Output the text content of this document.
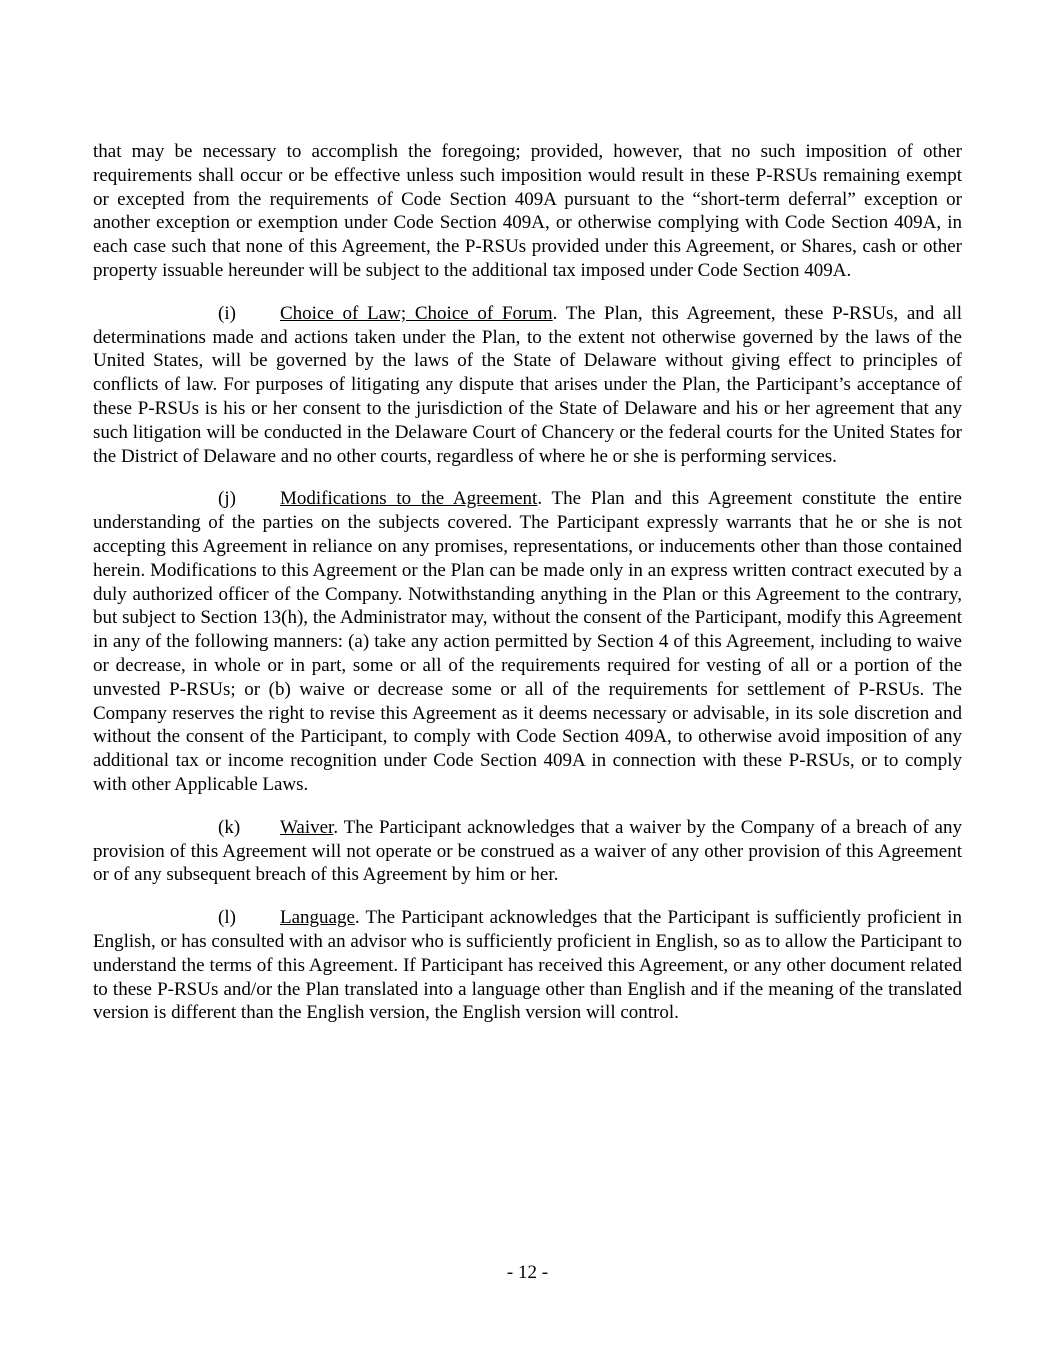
that may be necessary to accomplish the foregoing; provided, however, that no such imposition of other requirements shall occur or be effective unless such imposition would result in these P-RSUs remaining exempt or excepted from the requirements of Code Section 409A pursuant to the “short-term deferral” exception or another exception or exemption under Code Section 409A, or otherwise complying with Code Section 409A, in each case such that none of this Agreement, the P-RSUs provided under this Agreement, or Shares, cash or other property issuable hereunder will be subject to the additional tax imposed under Code Section 409A.

(i) Choice of Law; Choice of Forum. The Plan, this Agreement, these P-RSUs, and all determinations made and actions taken under the Plan, to the extent not otherwise governed by the laws of the United States, will be governed by the laws of the State of Delaware without giving effect to principles of conflicts of law. For purposes of litigating any dispute that arises under the Plan, the Participant’s acceptance of these P-RSUs is his or her consent to the jurisdiction of the State of Delaware and his or her agreement that any such litigation will be conducted in the Delaware Court of Chancery or the federal courts for the United States for the District of Delaware and no other courts, regardless of where he or she is performing services.

(j) Modifications to the Agreement. The Plan and this Agreement constitute the entire understanding of the parties on the subjects covered. The Participant expressly warrants that he or she is not accepting this Agreement in reliance on any promises, representations, or inducements other than those contained herein. Modifications to this Agreement or the Plan can be made only in an express written contract executed by a duly authorized officer of the Company. Notwithstanding anything in the Plan or this Agreement to the contrary, but subject to Section 13(h), the Administrator may, without the consent of the Participant, modify this Agreement in any of the following manners: (a) take any action permitted by Section 4 of this Agreement, including to waive or decrease, in whole or in part, some or all of the requirements required for vesting of all or a portion of the unvested P-RSUs; or (b) waive or decrease some or all of the requirements for settlement of P-RSUs. The Company reserves the right to revise this Agreement as it deems necessary or advisable, in its sole discretion and without the consent of the Participant, to comply with Code Section 409A, to otherwise avoid imposition of any additional tax or income recognition under Code Section 409A in connection with these P-RSUs, or to comply with other Applicable Laws.

(k) Waiver. The Participant acknowledges that a waiver by the Company of a breach of any provision of this Agreement will not operate or be construed as a waiver of any other provision of this Agreement or of any subsequent breach of this Agreement by him or her.

(l) Language. The Participant acknowledges that the Participant is sufficiently proficient in English, or has consulted with an advisor who is sufficiently proficient in English, so as to allow the Participant to understand the terms of this Agreement. If Participant has received this Agreement, or any other document related to these P-RSUs and/or the Plan translated into a language other than English and if the meaning of the translated version is different than the English version, the English version will control.

- 12 -
